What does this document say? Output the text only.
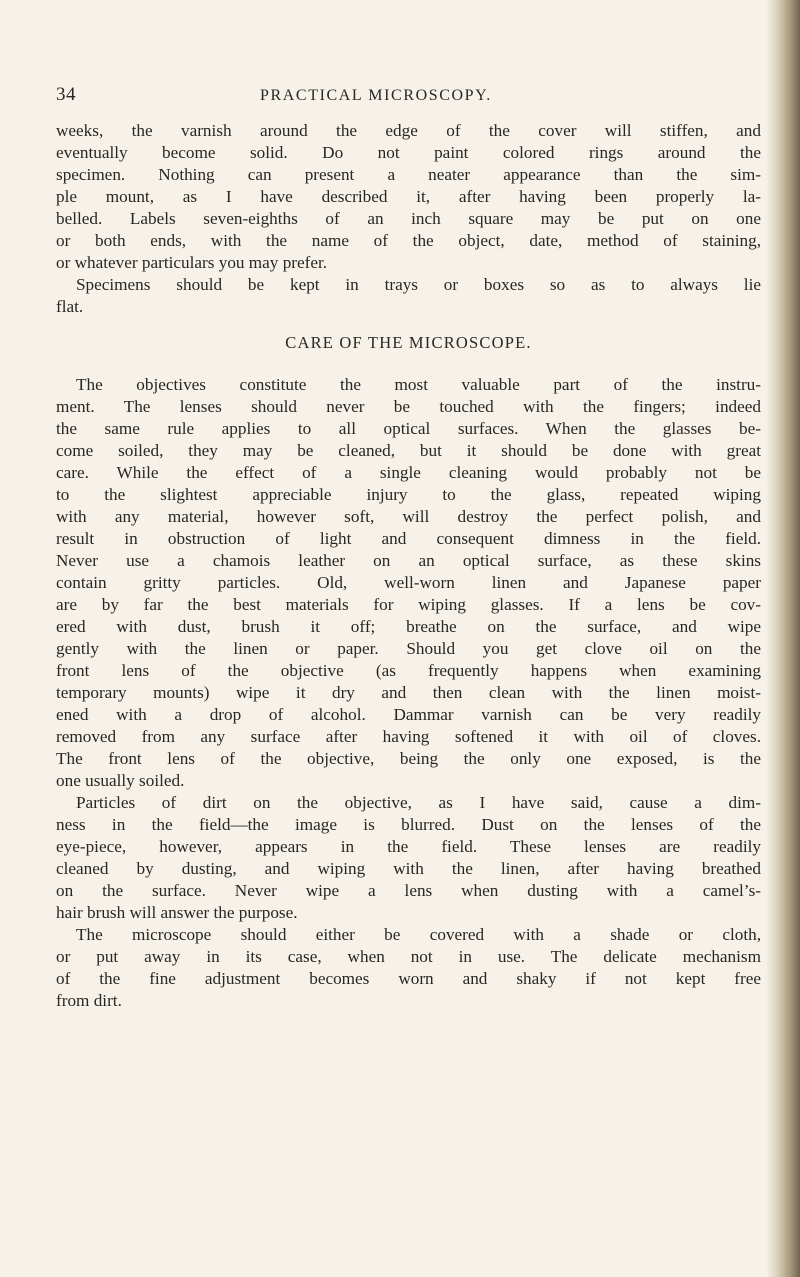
34	PRACTICAL MICROSCOPY.
weeks, the varnish around the edge of the cover will stiffen, and
eventually become solid. Do not paint colored rings around the
specimen. Nothing can present a neater appearance than the sim-
ple mount, as I have described it, after having been properly la-
belled. Labels seven-eighths of an inch square may be put on one
or both ends, with the name of the object, date, method of staining,
or whatever particulars you may prefer.
Specimens should be kept in trays or boxes so as to always lie
flat.
CARE OF THE MICROSCOPE.
The objectives constitute the most valuable part of the instru-
ment. The lenses should never be touched with the fingers; indeed
the same rule applies to all optical surfaces. When the glasses be-
come soiled, they may be cleaned, but it should be done with great
care. While the effect of a single cleaning would probably not be
to the slightest appreciable injury to the glass, repeated wiping
with any material, however soft, will destroy the perfect polish, and
result in obstruction of light and consequent dimness in the field.
Never use a chamois leather on an optical surface, as these skins
contain gritty particles. Old, well-worn linen and Japanese paper
are by far the best materials for wiping glasses. If a lens be cov-
ered with dust, brush it off; breathe on the surface, and wipe
gently with the linen or paper. Should you get clove oil on the
front lens of the objective (as frequently happens when examining
temporary mounts) wipe it dry and then clean with the linen moist-
ened with a drop of alcohol. Dammar varnish can be very readily
removed from any surface after having softened it with oil of cloves.
The front lens of the objective, being the only one exposed, is the
one usually soiled.
Particles of dirt on the objective, as I have said, cause a dim-
ness in the field—the image is blurred. Dust on the lenses of the
eye-piece, however, appears in the field. These lenses are readily
cleaned by dusting, and wiping with the linen, after having breathed
on the surface. Never wipe a lens when dusting with a camel’s-
hair brush will answer the purpose.
The microscope should either be covered with a shade or cloth,
or put away in its case, when not in use. The delicate mechanism
of the fine adjustment becomes worn and shaky if not kept free
from dirt.
